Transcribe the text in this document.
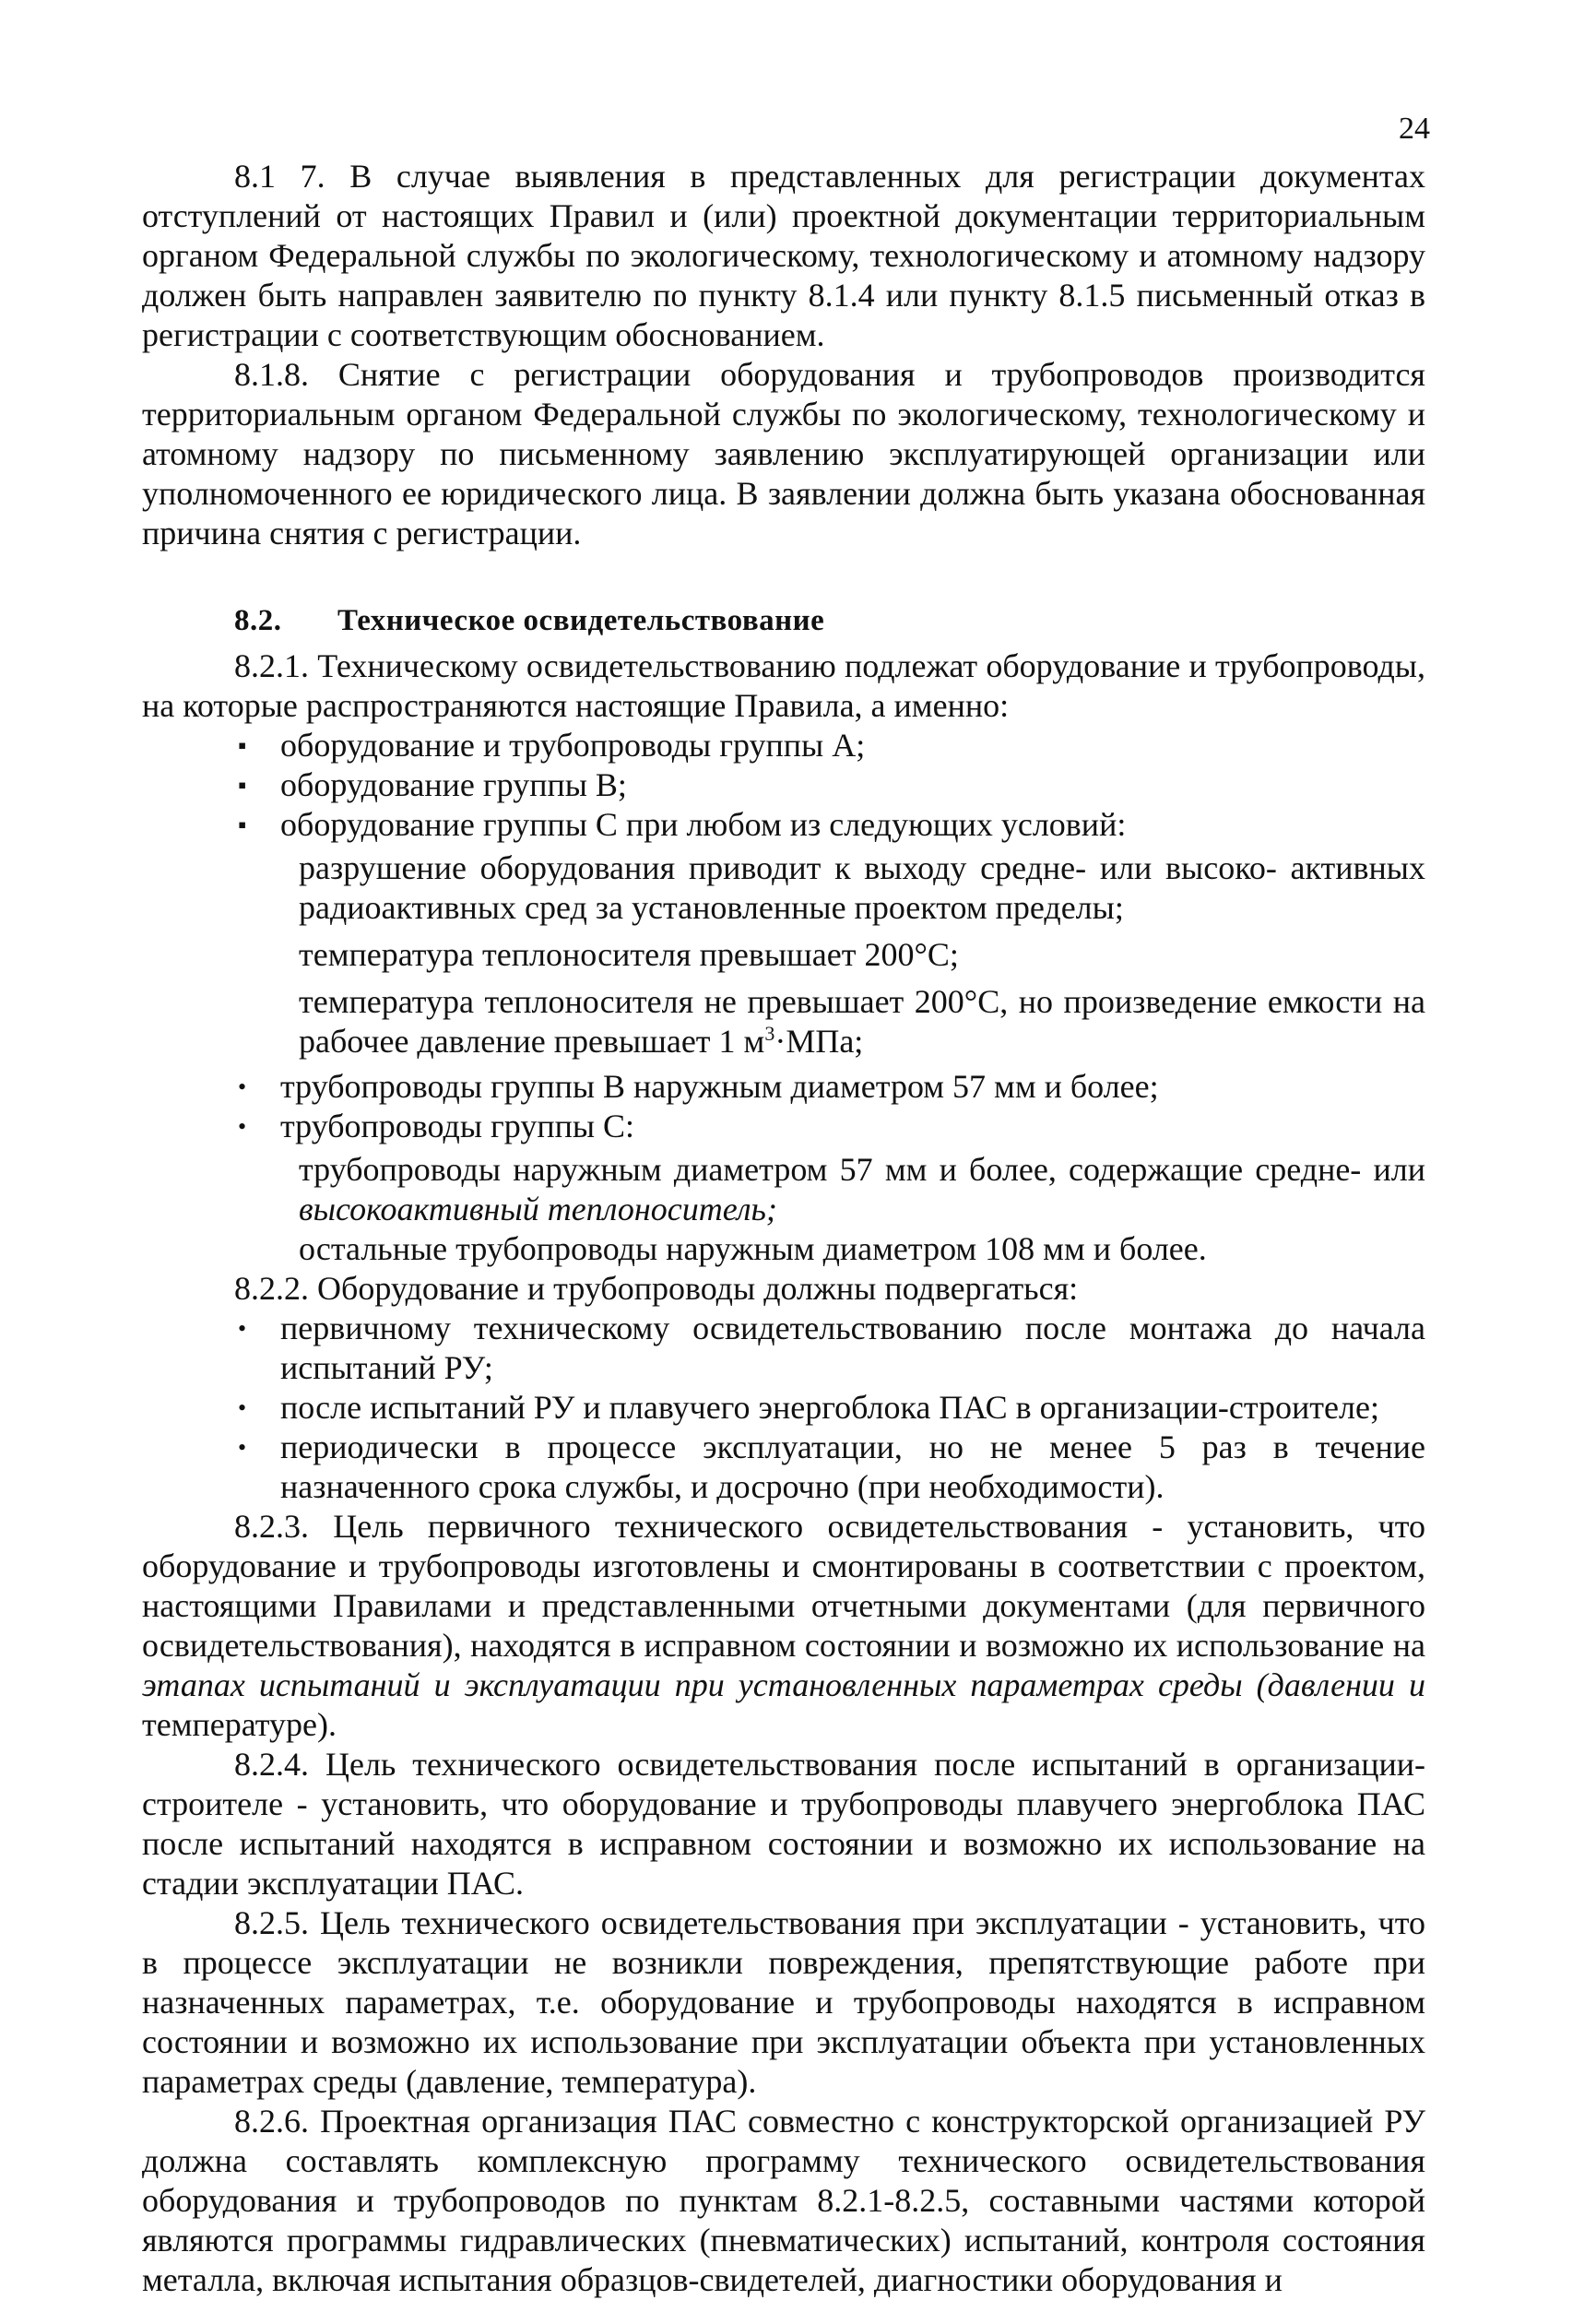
24

8.1 7. В случае выявления в представленных для регистрации документах отступлений от настоящих Правил и (или) проектной документации территориальным органом Федеральной службы по экологическому, технологическому и атомному надзору должен быть направлен заявителю по пункту 8.1.4 или пункту 8.1.5 письменный отказ в регистрации с соответствующим обоснованием.

8.1.8. Снятие с регистрации оборудования и трубопроводов производится территориальным органом Федеральной службы по экологическому, технологическому и атомному надзору по письменному заявлению эксплуатирующей организации или уполномоченного ее юридического лица. В заявлении должна быть указана обоснованная причина снятия с регистрации.

8.2.	Техническое освидетельствование

8.2.1. Техническому освидетельствованию подлежат оборудование и трубопроводы, на которые распространяются настоящие Правила, а именно:

▪ оборудование и трубопроводы группы А;
▪ оборудование группы В;
▪ оборудование группы С при любом из следующих условий:

разрушение оборудования приводит к выходу средне- или высоко- активных радиоактивных сред за установленные проектом пределы;

температура теплоносителя превышает 200°С;

температура теплоносителя не превышает 200°С, но произведение емкости на рабочее давление превышает 1 $м^3\cdot МПа$;

• трубопроводы группы В наружным диаметром 57 мм и более;
• трубопроводы группы С:

трубопроводы наружным диаметром 57 мм и более, содержащие средне- или высокоактивный теплоноситель;

остальные трубопроводы наружным диаметром 108 мм и более.

8.2.2. Оборудование и трубопроводы должны подвергаться:

• первичному техническому освидетельствованию после монтажа до начала испытаний РУ;
• после испытаний РУ и плавучего энергоблока ПАС в организации-строителе;
• периодически в процессе эксплуатации, но не менее 5 раз в течение назначенного срока службы, и досрочно (при необходимости).

8.2.3. Цель первичного технического освидетельствования - установить, что оборудование и трубопроводы изготовлены и смонтированы в соответствии с проектом, настоящими Правилами и представленными отчетными документами (для первичного освидетельствования), находятся в исправном состоянии и возможно их использование на этапах испытаний и эксплуатации при установленных параметрах среды (давлении и температуре).

8.2.4. Цель технического освидетельствования после испытаний в организации-строителе - установить, что оборудование и трубопроводы плавучего энергоблока ПАС после испытаний находятся в исправном состоянии и возможно их использование на стадии эксплуатации ПАС.

8.2.5. Цель технического освидетельствования при эксплуатации - установить, что в процессе эксплуатации не возникли повреждения, препятствующие работе при назначенных параметрах, т.е. оборудование и трубопроводы находятся в исправном состоянии и возможно их использование при эксплуатации объекта при установленных параметрах среды (давление, температура).

8.2.6. Проектная организация ПАС совместно с конструкторской организацией РУ должна составлять комплексную программу технического освидетельствования оборудования и трубопроводов по пунктам 8.2.1-8.2.5, составными частями которой являются программы гидравлических (пневматических) испытаний, контроля состояния металла, включая испытания образцов-свидетелей, диагностики оборудования и
